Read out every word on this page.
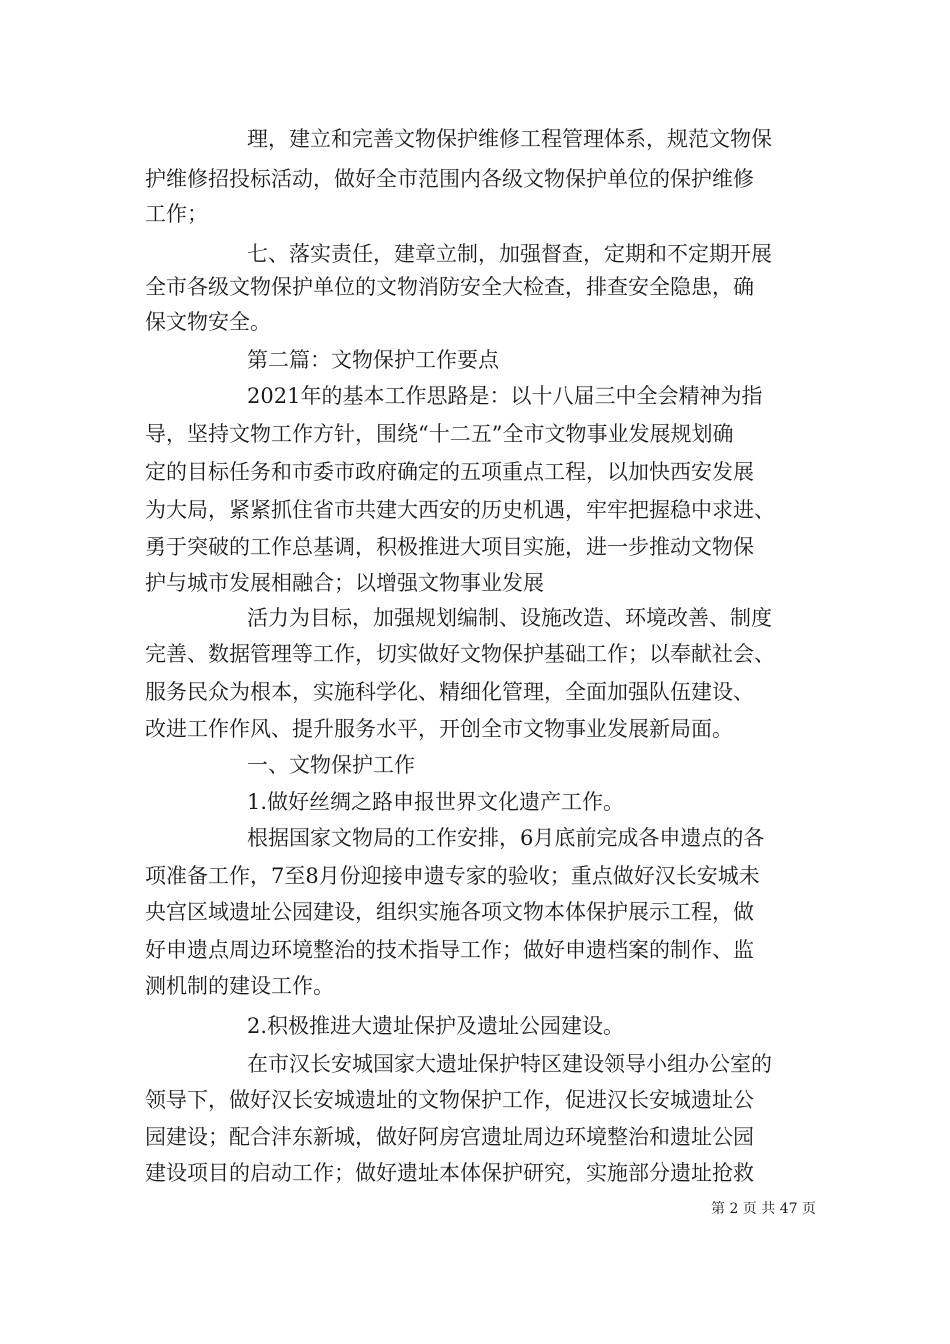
理，建立和完善文物保护维修工程管理体系，规范文物保
护维修招投标活动，做好全市范围内各级文物保护单位的保护维修
工作；
七、落实责任，建章立制，加强督查，定期和不定期开展
全市各级文物保护单位的文物消防安全大检查，排查安全隐患，确
保文物安全。
第二篇：文物保护工作要点
2021年的基本工作思路是：以十八届三中全会精神为指
导，坚持文物工作方针，围绕“十二五”全市文物事业发展规划确
定的目标任务和市委市政府确定的五项重点工程，以加快西安发展
为大局，紧紧抓住省市共建大西安的历史机遇，牢牢把握稳中求进、
勇于突破的工作总基调，积极推进大项目实施，进一步推动文物保
护与城市发展相融合；以增强文物事业发展
活力为目标，加强规划编制、设施改造、环境改善、制度
完善、数据管理等工作，切实做好文物保护基础工作；以奉献社会、
服务民众为根本，实施科学化、精细化管理，全面加强队伍建设、
改进工作作风、提升服务水平，开创全市文物事业发展新局面。
一、文物保护工作
1.做好丝绸之路申报世界文化遗产工作。
根据国家文物局的工作安排，6月底前完成各申遗点的各
项准备工作，7至8月份迎接申遗专家的验收；重点做好汉长安城未
央宫区域遗址公园建设，组织实施各项文物本体保护展示工程，做
好申遗点周边环境整治的技术指导工作；做好申遗档案的制作、监
测机制的建设工作。
2.积极推进大遗址保护及遗址公园建设。
在市汉长安城国家大遗址保护特区建设领导小组办公室的
领导下，做好汉长安城遗址的文物保护工作，促进汉长安城遗址公
园建设；配合沣东新城，做好阿房宫遗址周边环境整治和遗址公园
建设项目的启动工作；做好遗址本体保护研究，实施部分遗址抢救
第 2 页 共 47 页
